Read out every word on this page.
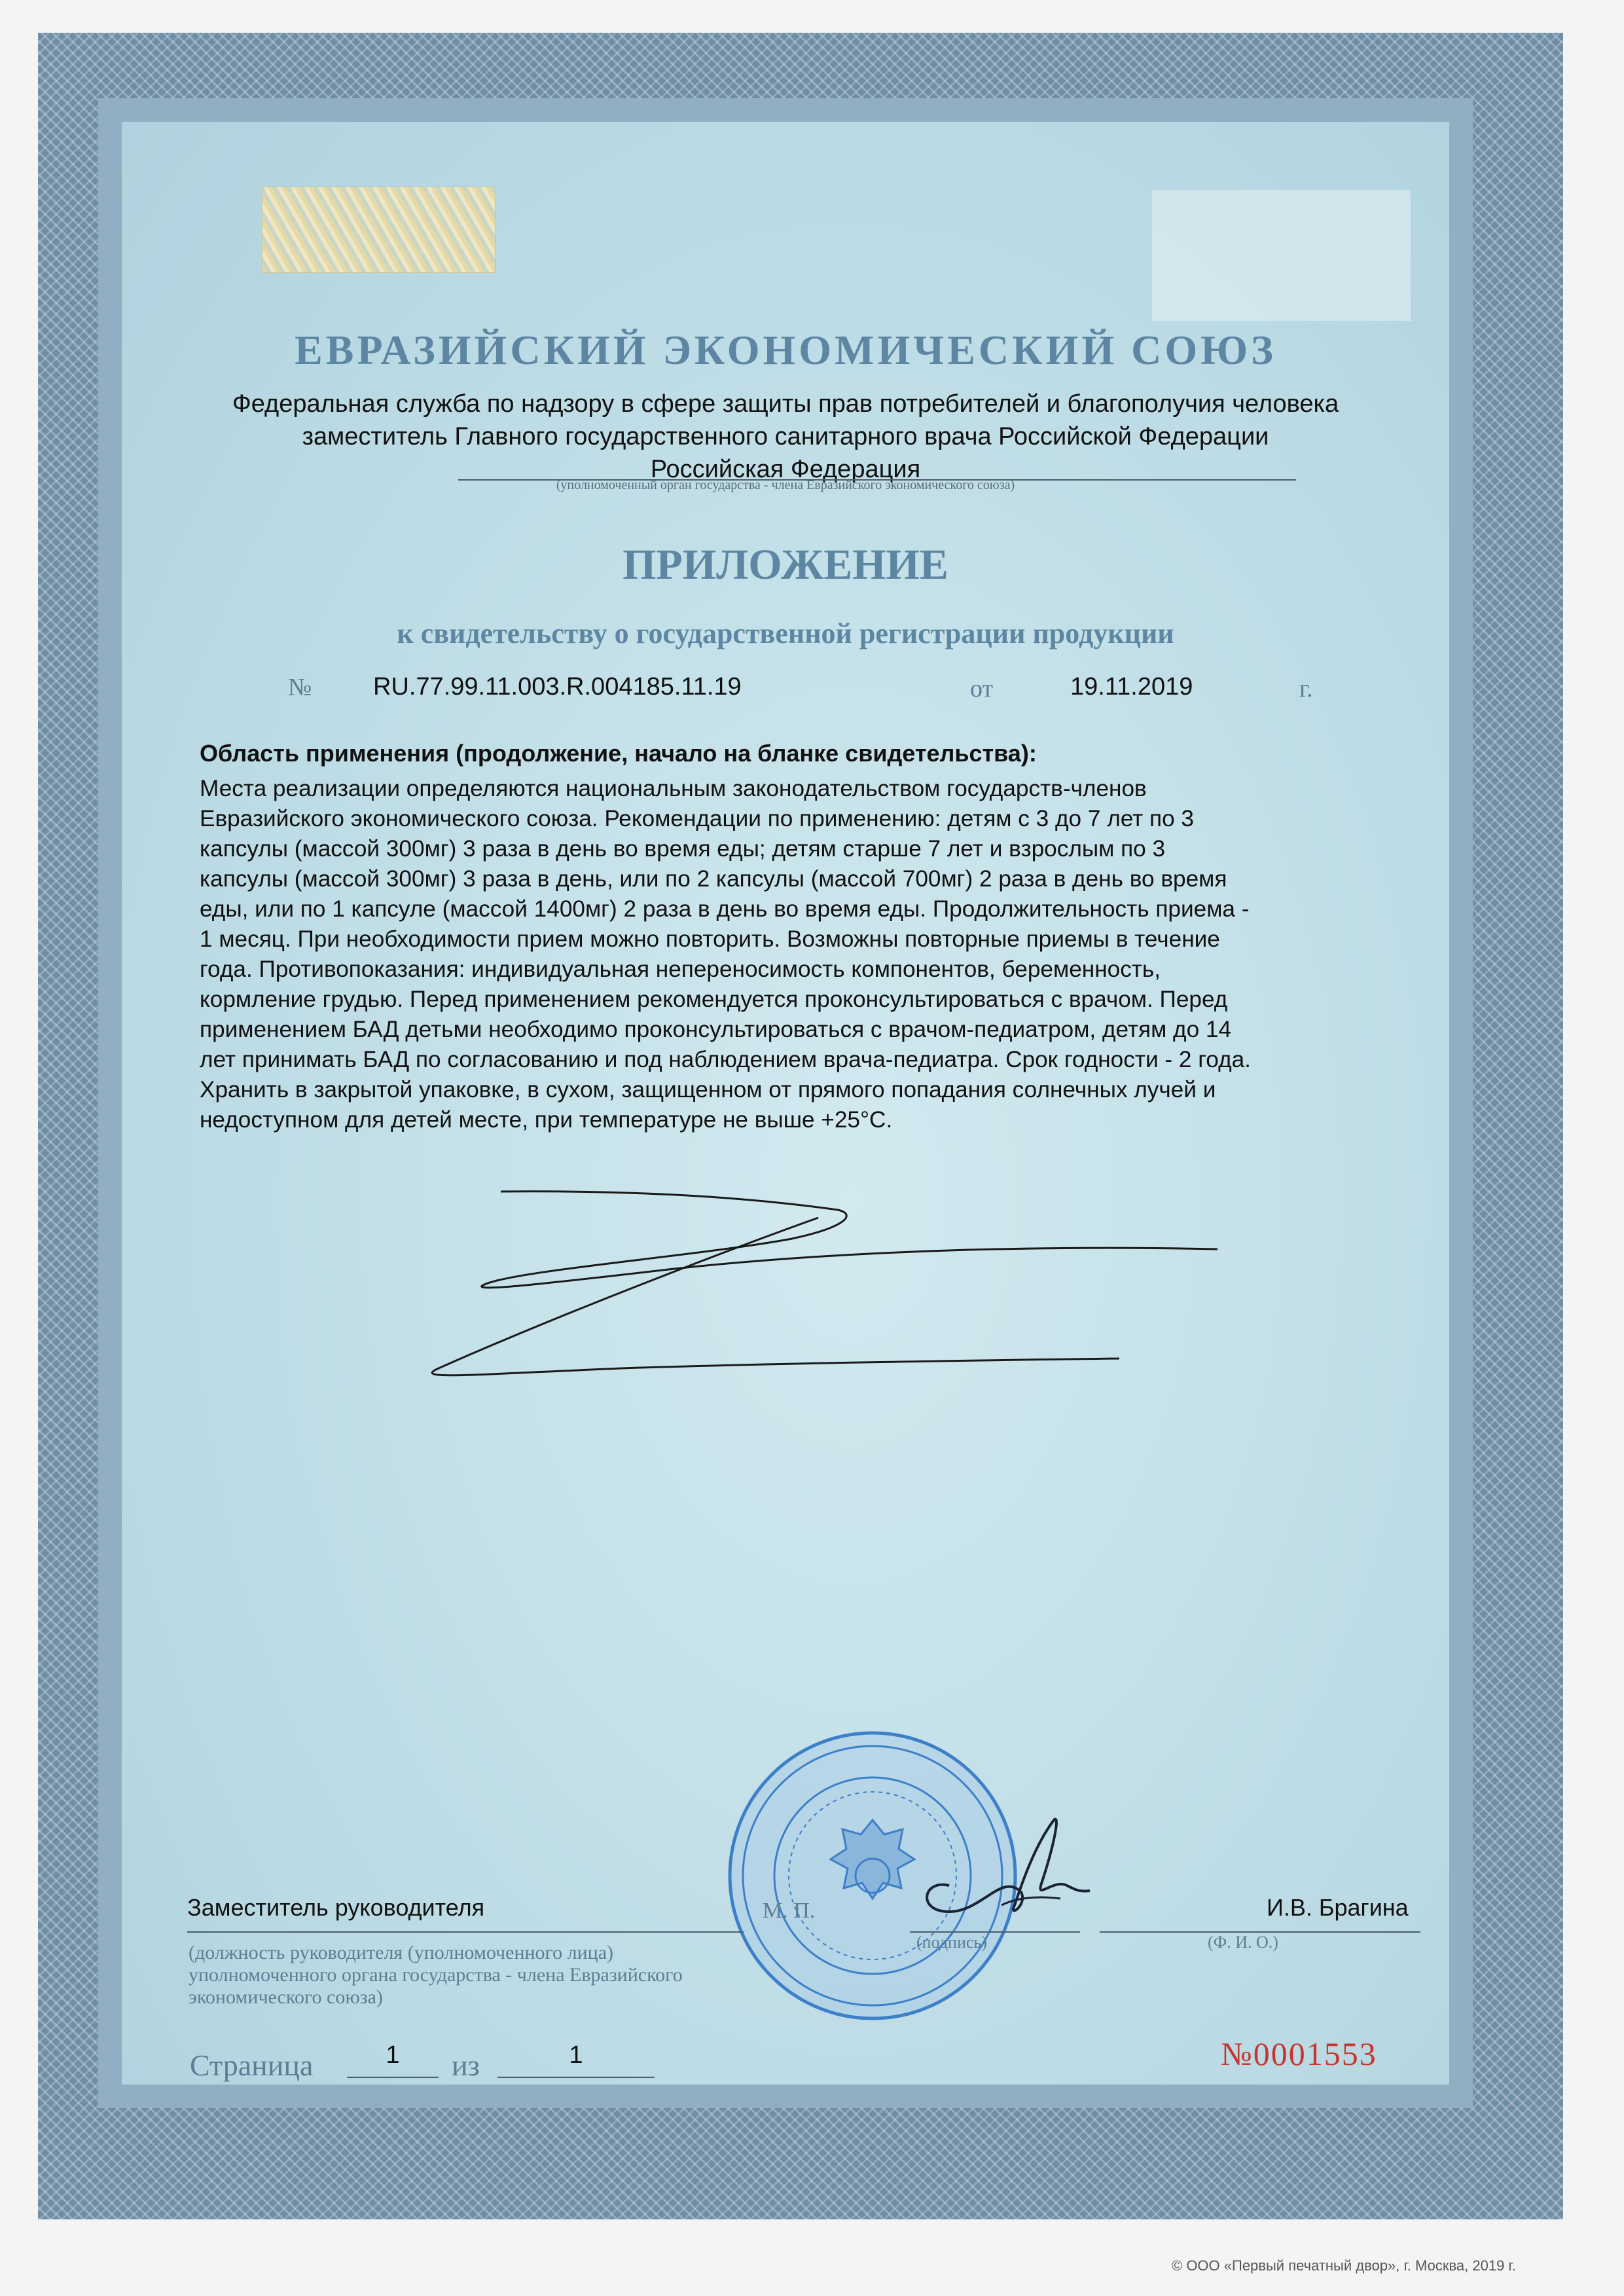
ЕВРАЗИЙСКИЙ ЭКОНОМИЧЕСКИЙ СОЮЗ
Федеральная служба по надзору в сфере защиты прав потребителей и благополучия человека
заместитель Главного государственного санитарного врача Российской Федерации
Российская Федерация
(уполномоченный орган государства - члена Евразийского экономического союза)
ПРИЛОЖЕНИЕ
к свидетельству о государственной регистрации продукции
№ RU.77.99.11.003.R.004185.11.19	от	19.11.2019	г.
Область применения (продолжение, начало на бланке свидетельства):
Места реализации определяются национальным законодательством государств-членов
Евразийского экономического союза. Рекомендации по применению: детям с 3 до 7 лет по 3
капсулы (массой 300мг) 3 раза в день во время еды; детям старше 7 лет и взрослым по 3
капсулы (массой 300мг) 3 раза в день, или по 2 капсулы (массой 700мг) 2 раза в день во время
еды, или по 1 капсуле (массой 1400мг) 2 раза в день во время еды. Продолжительность приема -
1 месяц. При необходимости прием можно повторить. Возможны повторные приемы в течение
года. Противопоказания: индивидуальная непереносимость компонентов, беременность,
кормление грудью. Перед применением рекомендуется проконсультироваться с врачом. Перед
применением БАД детьми необходимо проконсультироваться с врачом-педиатром, детям до 14
лет принимать БАД по согласованию и под наблюдением врача-педиатра. Срок годности - 2 года.
Хранить в закрытой упаковке, в сухом, защищенном от прямого попадания солнечных лучей и
недоступном для детей месте, при температуре не выше +25°С.
Заместитель руководителя
(должность руководителя (уполномоченного лица) уполномоченного органа государства - члена Евразийского экономического союза)
М. П.
(подпись)
И.В. Брагина
(Ф. И. О.)
Страница	1	из	1	№0001553
© ООО «Первый печатный двор», г. Москва, 2019 г.
